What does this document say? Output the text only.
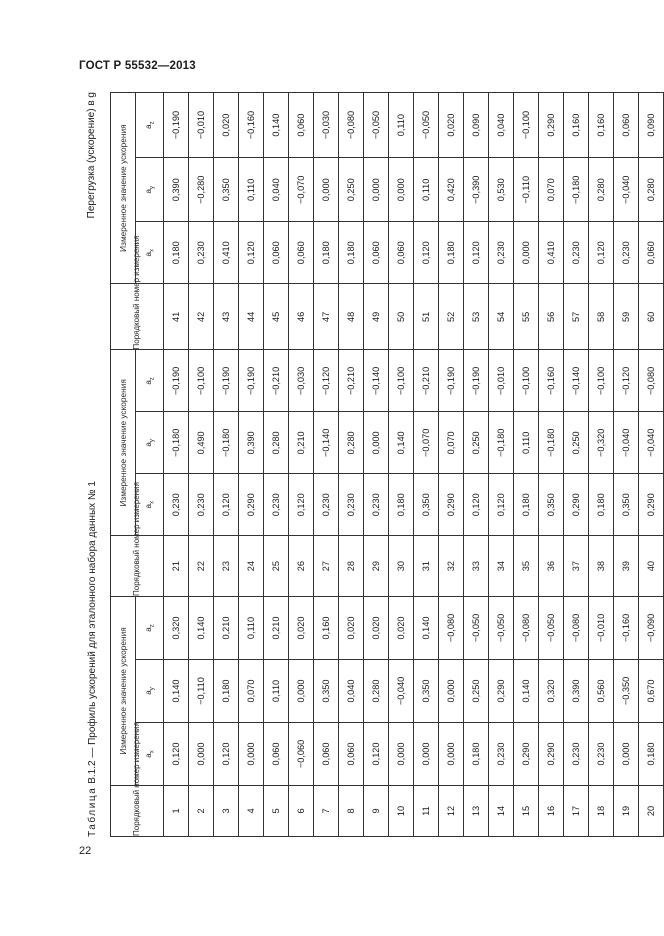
ГОСТ Р 55532—2013
Таблица В.1.2 — Профиль ускорений для эталонного набора данных № 1
Перегрузка (ускорение) в g
Порядковый номер измерения	Измеренное значение ускорения			Порядковый номер измерения	Измеренное значение ускорения			Порядковый номер измерения	Измеренное значение ускорения		
	$a_x$	$a_y$	$a_z$		$a_x$	$a_y$	$a_z$		$a_x$	$a_y$	$a_z$
1	0,120	0,140	0,320	21	0,230	−0,180	−0,190	41	0,180	0,390	−0,190
2	0,000	−0,110	0,140	22	0,230	0,490	−0,100	42	0,230	−0,280	−0,010
3	0,120	0,180	0,210	23	0,120	−0,180	−0,190	43	0,410	0,350	0,020
4	0,000	0,070	0,110	24	0,290	0,390	−0,190	44	0,120	0,110	−0,160
5	0,060	0,110	0,210	25	0,230	0,280	−0,210	45	0,060	0,040	0,140
6	−0,060	0,000	0,020	26	0,120	0,210	−0,030	46	0,060	−0,070	0,060
7	0,060	0,350	0,160	27	0,230	−0,140	−0,120	47	0,180	0,000	−0,030
8	0,060	0,040	0,020	28	0,230	0,280	−0,210	48	0,180	0,250	−0,080
9	0,120	0,280	0,020	29	0,230	0,000	−0,140	49	0,060	0,000	−0,050
10	0,000	−0,040	0,020	30	0,180	0,140	−0,100	50	0,060	0,000	0,110
11	0,000	0,350	0,140	31	0,350	−0,070	−0,210	51	0,120	0,110	−0,050
12	0,000	0,000	−0,080	32	0,290	0,070	−0,190	52	0,180	0,420	0,020
13	0,180	0,250	−0,050	33	0,120	0,250	−0,190	53	0,120	−0,390	0,090
14	0,230	0,290	−0,050	34	0,120	−0,180	−0,010	54	0,230	0,530	0,040
15	0,290	0,140	−0,080	35	0,180	0,110	−0,100	55	0,000	−0,110	−0,100
16	0,290	0,320	−0,050	36	0,350	−0,180	−0,160	56	0,410	0,070	0,290
17	0,230	0,390	−0,080	37	0,290	0,250	−0,140	57	0,230	−0,180	0,160
18	0,230	0,560	−0,010	38	0,180	−0,320	−0,100	58	0,120	0,280	0,160
19	0,000	−0,350	−0,160	39	0,350	−0,040	−0,120	59	0,230	−0,040	0,060
20	0,180	0,670	−0,090	40	0,290	−0,040	−0,080	60	0,060	0,280	0,090
22
